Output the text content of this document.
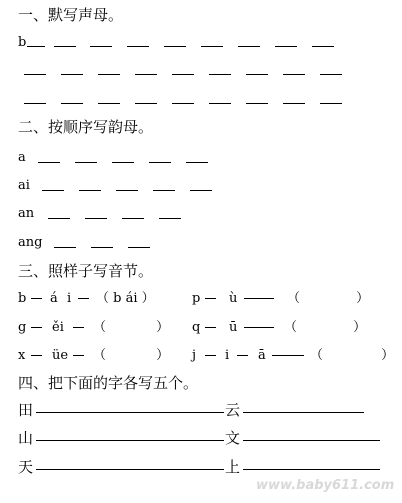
一、默写声母。
b
二、按顺序写韵母。
a
ai
an
ang
三、照样子写音节。
b á i （ b ái ）	p ù	（ ）
g ěi （ ） q ū	（ ）
x üe （ ） j i ā	（ ）
四、把下面的字各写五个。
田	云
山	文
天	上
www.baby611.com
